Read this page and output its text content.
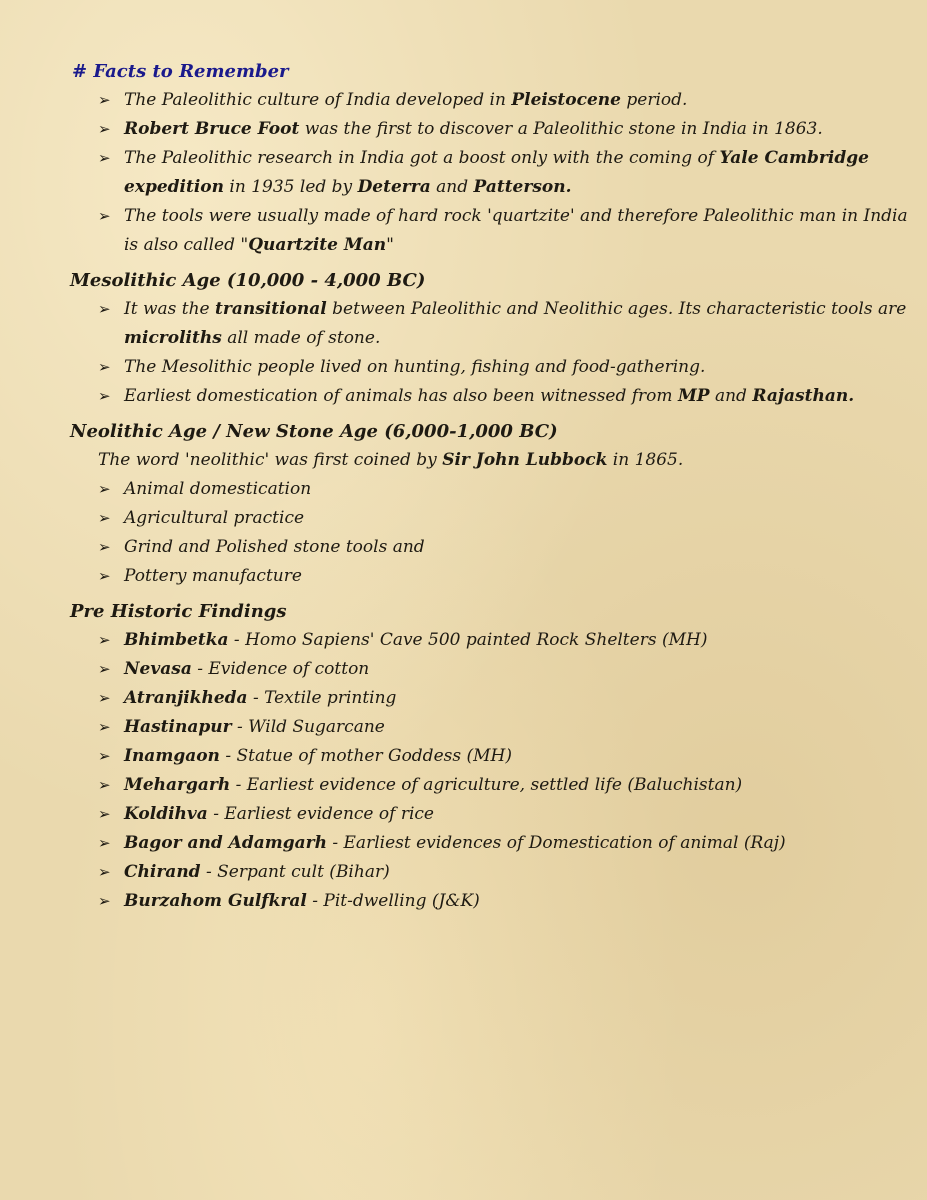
# Facts to Remember
➢ The Paleolithic culture of India developed in Pleistocene period.
➢ Robert Bruce Foot was the first to discover a Paleolithic stone in India in 1863.
➢ The Paleolithic research in India got a boost only with the coming of Yale Cambridge expedition in 1935 led by Deterra and Patterson.
➢ The tools were usually made of hard rock 'quartzite' and therefore Paleolithic man in India is also called "Quartzite Man"
Mesolithic Age (10,000 - 4,000 BC)
➢ It was the transitional between Paleolithic and Neolithic ages. Its characteristic tools are microliths all made of stone.
➢ The Mesolithic people lived on hunting, fishing and food-gathering.
➢ Earliest domestication of animals has also been witnessed from MP and Rajasthan.
Neolithic Age / New Stone Age (6,000-1,000 BC)
The word 'neolithic' was first coined by Sir John Lubbock in 1865.
➢ Animal domestication
➢ Agricultural practice
➢ Grind and Polished stone tools and
➢ Pottery manufacture
Pre Historic Findings
➢ Bhimbetka - Homo Sapiens' Cave 500 painted Rock Shelters (MH)
➢ Nevasa - Evidence of cotton
➢ Atranjikheda - Textile printing
➢ Hastinapur - Wild Sugarcane
➢ Inamgaon - Statue of mother Goddess (MH)
➢ Mehargarh - Earliest evidence of agriculture, settled life (Baluchistan)
➢ Koldihva - Earliest evidence of rice
➢ Bagor and Adamgarh - Earliest evidences of Domestication of animal (Raj)
➢ Chirand - Serpant cult (Bihar)
➢ Burzahom Gulfkral - Pit-dwelling (J&K)
